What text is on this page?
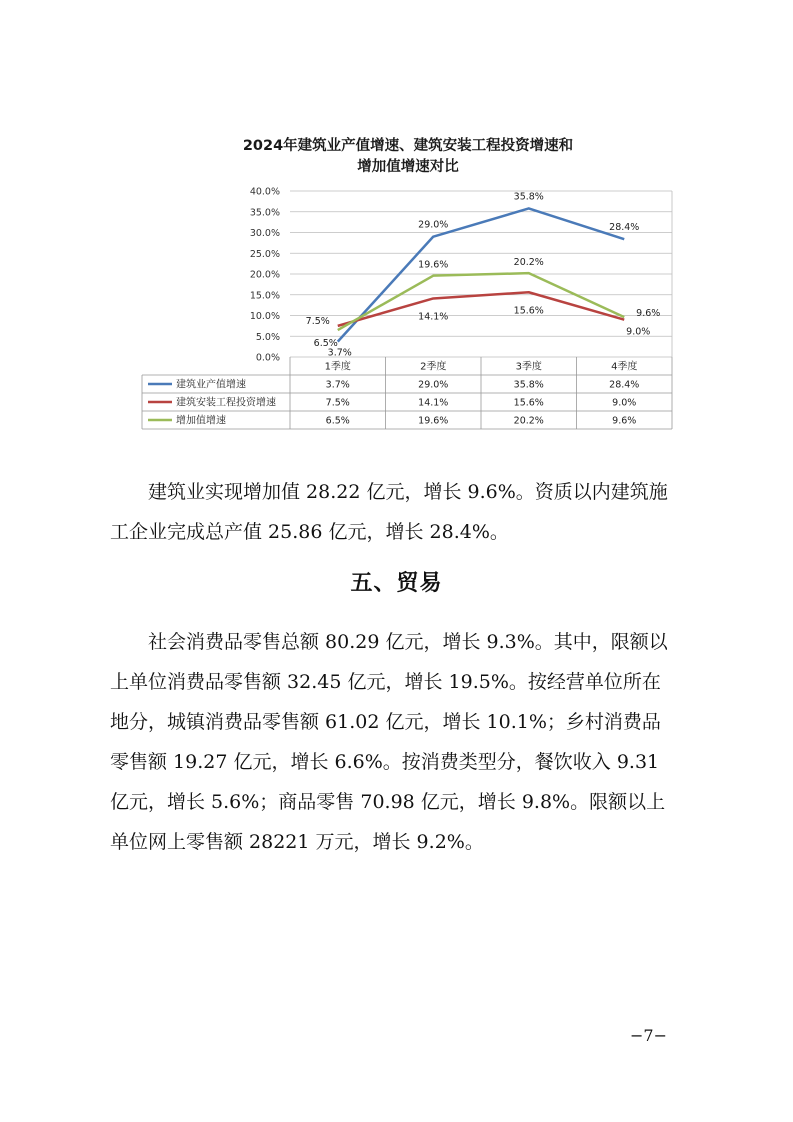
2024年建筑业产值增速、建筑安装工程投资增速和
增加值增速对比
0.0%
5.0%
10.0%
15.0%
20.0%
25.0%
30.0%
35.0%
40.0%
3.7%
29.0%
35.8%
28.4%
7.5%	14.1%
15.6%
9.0%
6.5%
19.6%	20.2%
9.6%
1季度	2季度	3季度	4季度
建筑业产值增速	3.7%	29.0%	35.8%	28.4%
建筑安装工程投资增速	7.5%	14.1%	15.6%	9.0%
增加值增速	6.5%	19.6%	20.2%	9.6%

建筑业实现增加值 28.22 亿元，增长 9.6%。资质以内建筑施
工企业完成总产值 25.86 亿元，增长 28.4%。

五、贸易

社会消费品零售总额 80.29 亿元，增长 9.3%。其中，限额以
上单位消费品零售额 32.45 亿元，增长 19.5%。按经营单位所在
地分，城镇消费品零售额 61.02 亿元，增长 10.1%；乡村消费品
零售额 19.27 亿元，增长 6.6%。按消费类型分，餐饮收入 9.31
亿元，增长 5.6%；商品零售 70.98 亿元，增长 9.8%。限额以上
单位网上零售额 28221 万元，增长 9.2%。

−7−
